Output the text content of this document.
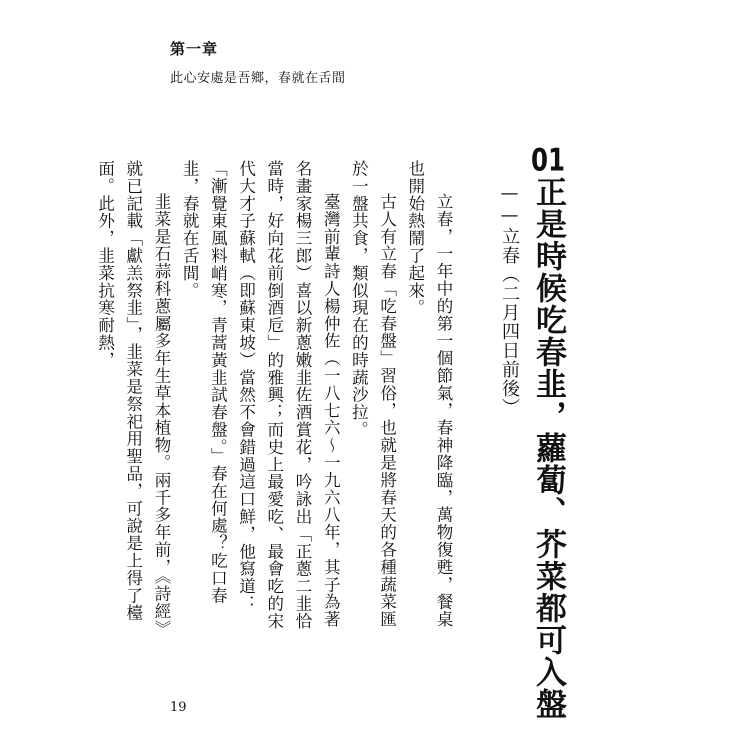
第一章
此心安處是吾鄉，春就在舌間
01正是時候吃春韭，蘿蔔、芥菜都可入盤
——立春（二月四日前後）

立春，一年中的第一個節氣，春神降臨，萬物復甦，餐桌也開始熱鬧了起來。

古人有立春「吃春盤」習俗，也就是將春天的各種蔬菜匯於一盤共食，類似現在的時蔬沙拉。

臺灣前輩詩人楊仲佐（一八七六～一九六八年，其子為著名畫家楊三郎）喜以新蔥嫩韭佐酒賞花，吟詠出「正蔥二韭恰當時，好向花前倒酒卮」的雅興；而史上最愛吃、最會吃的宋代大才子蘇軾（即蘇東坡）當然不會錯過這口鮮，他寫道：「漸覺東風料峭寒，青蒿黃韭試春盤。」春在何處？吃口春韭，春就在舌間。

韭菜是石蒜科蔥屬多年生草本植物。兩千多年前，《詩經》就已記載「獻羔祭韭」，韭菜是祭祀用聖品，可說是上得了檯面。此外，韭菜抗寒耐熱，

19
